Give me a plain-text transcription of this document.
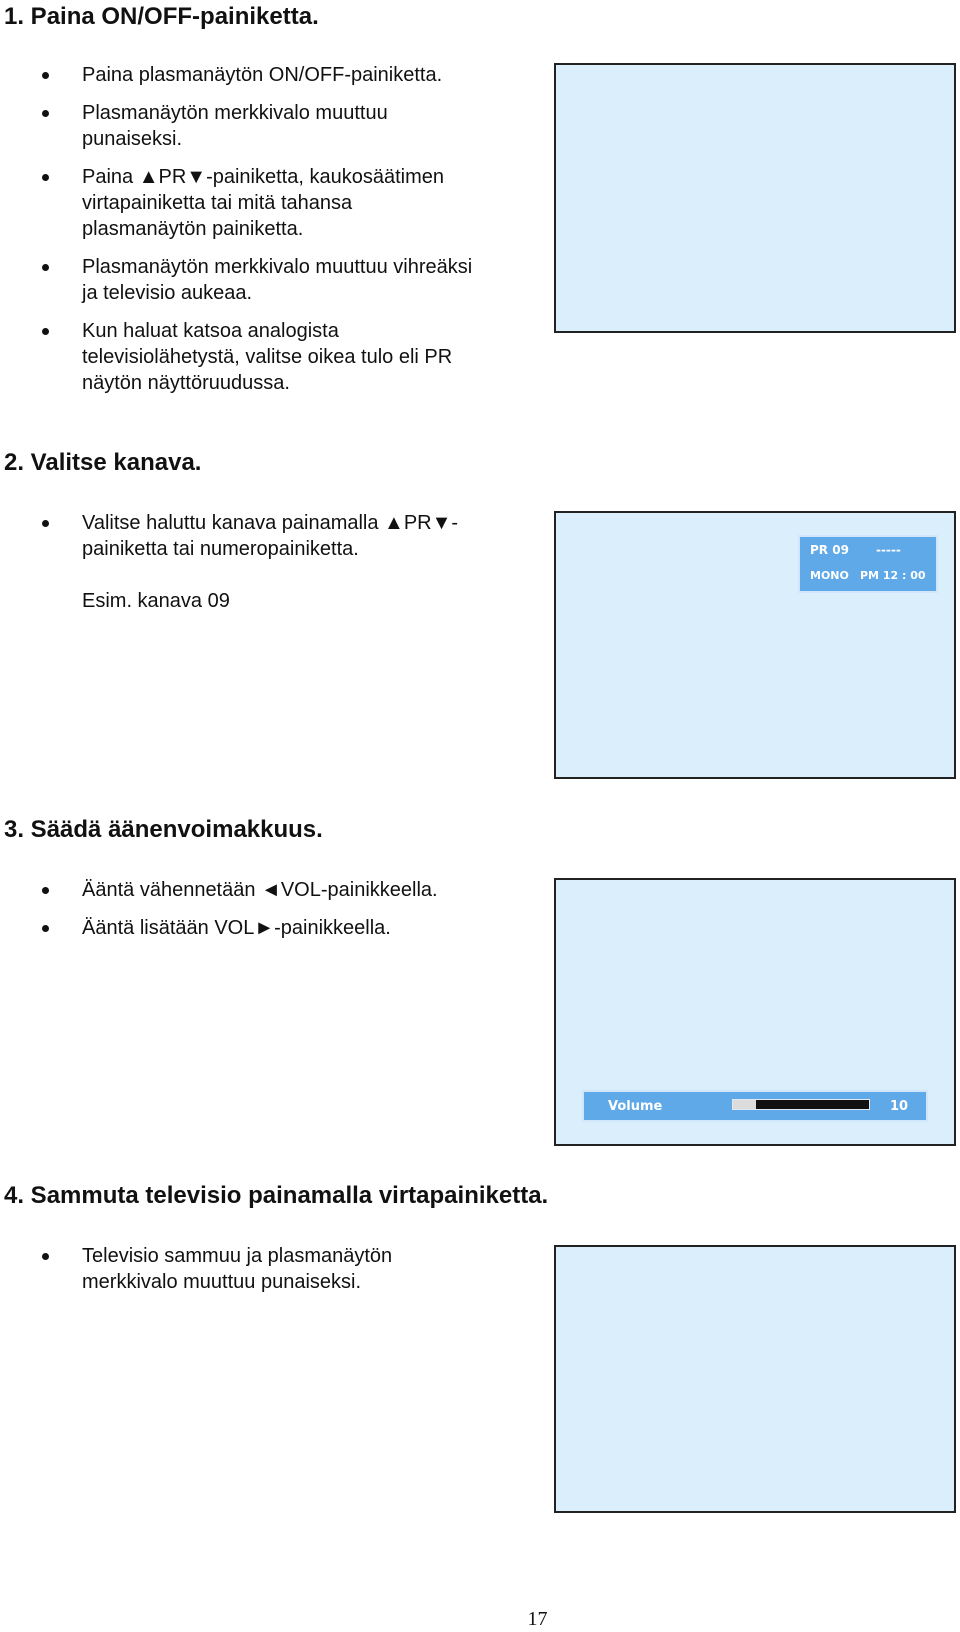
1. Paina ON/OFF-painiketta.
Paina plasmanäytön ON/OFF-painiketta.
Plasmanäytön merkkivalo muuttuu
punaiseksi.
Paina ▲PR▼-painiketta, kaukosäätimen
virtapainiketta tai mitä tahansa
plasmanäytön painiketta.
Plasmanäytön merkkivalo muuttuu vihreäksi
ja televisio aukeaa.
Kun haluat katsoa analogista
televisiolähetystä, valitse oikea tulo eli PR
näytön näyttöruudussa.
2. Valitse kanava.
Valitse haluttu kanava painamalla ▲PR▼-
painiketta tai numeropainiketta.
Esim. kanava 09
PR 09 -----
MONO PM 12 : 00
3. Säädä äänenvoimakkuus.
Ääntä vähennetään ◄VOL-painikkeella.
Ääntä lisätään VOL►-painikkeella.
Volume	10
4. Sammuta televisio painamalla virtapainiketta.
Televisio sammuu ja plasmanäytön
merkkivalo muuttuu punaiseksi.
17
